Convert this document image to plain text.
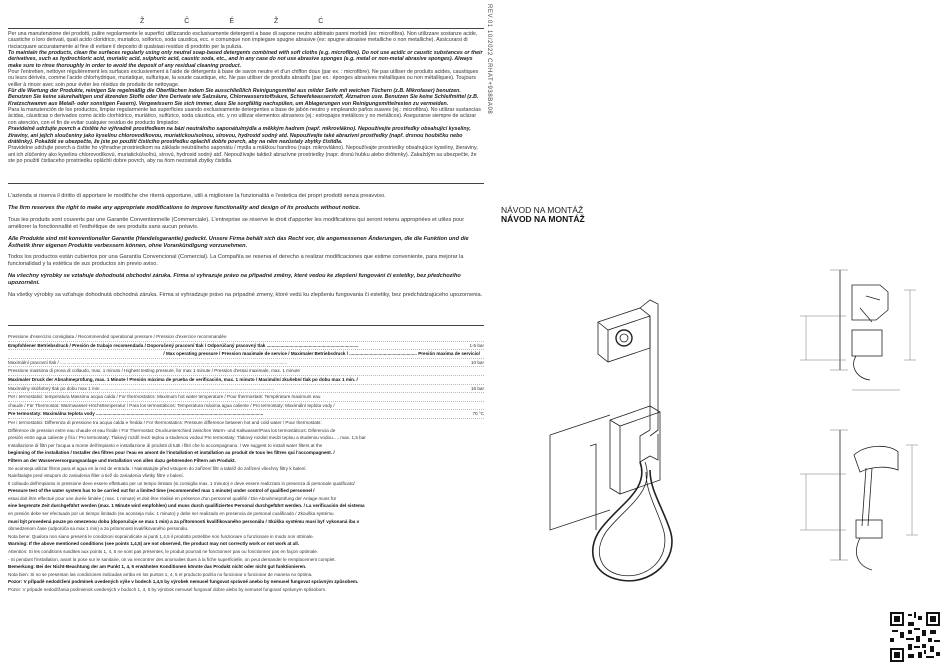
ŽČÉŽĆ

Per una manutenzione dei prodotti, pulire regolarmente le superfici utilizzando esclusivamente detergenti a base di sapone neutro abbinato panni morbidi (es: microfibra). Non utilizzare sostanze acide, caustiche o loro derivati, quali acido cloridrico, muriatico, solforico, soda caustica, ecc. e comunque non impiegare spugne abrasive (es: spugne abrasive metalliche o non metalliche). Assicurarsi di risciacquare accuratamente al fine di evitare il deposito di qualsiasi residuo di prodotto per la pulizia.

To maintain the products, clean the surfaces regularly using only neutral soap-based detergents combined with soft cloths (e.g. microfibre). Do not use acidic or caustic substances or their derivatives, such as hydrochloric acid, muriatic acid, sulphuric acid, caustic soda, etc., and in any case do not use abrasive sponges (e.g. metal or non-metal abrasive sponges). Always make sure to rinse thoroughly in order to avoid the deposit of any residual cleaning product.

Pour l'entretien, nettoyer régulièrement les surfaces exclusivement à l'aide de détergents à base de savon neutre et d'un chiffon doux (par ex. : microfibre). Ne pas utiliser de produits acides, caustiques ou leurs dérivés, comme l'acide chlorhydrique, muriatique, sulfurique, la soude caustique, etc. Ne pas utiliser de produits abrasifs (par ex.: éponges abrasives métalliques ou non métalliques). Toujours veiller à rincer avec soin pour éviter les résidus de produits de nettoyage.

Für die Wartung der Produkte, reinigen Sie regelmäßig die Oberflächen indem Sie ausschließlich Reinigungsmittel aus milder Seife mit weichen Tüchern (z.B. Mikrofaser) benutzen. Benutzen Sie keine säurehaltigen und ätzenden Stoffe oder ihre Derivate wie Salzsäure, Chlorwasserstoffsäure, Schwefelwasserstoff, Ätznatron usw. Benutzen Sie keine Schleifmittel (z.B. Kratzschwamm aus Metall- oder sonstigen Fasern). Vergewissern Sie sich immer, dass Sie sorgfältig nachspülen, um Ablagerungen von Reinigungsmittelresten zu vermeiden.

Para la manutención de los productos, limpiar regularmente las superficies usando exclusivamente detergentes a base de jabón neutro y empleando paños suaves (ej.: microfibra). No utilizar sustancias ácidas, cáusticas o derivados como ácido clorhídrico, muriático, sulfúrico, soda cáustica, etc. y no utilizar elementos abrasivos (ej.: estropajos metálicos y no metálicos). Asegurarse siempre de aclarar con atención, con el fin de evitar cualquier residuo de producto limpiador.

Pravidelně udržujte povrch a čistěte ho výhradně prostředkem na bázi neutrálního saponátu/mýdla a měkkým hadrem (např. mikrovlákno). Nepoužívejte prostředky obsahující kyseliny, žíraviny, ani jejich sloučeniny jako kyselinu chlorovodíkovou, muriatickou/solnou, sírovou, hydroxid sodný atd. Nepoužívejte také abrazivní prostředky (např. drsnou houbičku nebo drátěnky). Pokaždé se ubezpečte, že jste po použití čisticího prostředku oplachli dobře povrch, aby na něm nezůstaly zbytky čistidla.

Pravidelne udržujte povrch a čistite ho výhradne prostriedkom na základe neutrálneho saponátu / mydla a mäkkou handrou (napr. mikrovlákno). Nepoužívajte prostriedky obsahujúce kyseliny, žieraviny, ani ich zlúčeniny ako kyselinu chlorovodíkovú, muriatickú/soľnú, sírovú, hydroxid sodný atď. Nepoužívajte taktiež abrazívne prostriedky (napr. drsnú hubku alebo drôtenky). Zakaždým sa ubezpečte, že ste po použití čistiaceho prostriedku opláchli dobre povrch, aby na ňom nezostali zbytky čistidla.

L'azienda si riserva il diritto di apportare le modifiche che riterrà opportune, utili a migliorare la funzionalità e l'estetica dei propri prodotti senza preavviso.

The firm reserves the right to make any appropriate modifications to improve functionality and design of its products without notice.

Tous les produits sont couverts par une Garantie Conventionnelle (Commerciale). L'entreprise se réserve le droit d'apporter les modifications qui seront retenu appropriées et utiles pour améliorer la fonctionnalité et l'esthétique de ses produits sans aucun préavis.

Alle Produkte sind mit konventioneller Garantie (Handelsgarantie) gedeckt. Unsere Firma behält sich das Recht vor, die angemessenen Änderungen, die die Funktion und die Ästhetik ihrer eigenen Produkte verbessern können, ohne Vorankündigung vorzunehmen.

Todos los productos están cubiertos por una Garantía Convencional (Comercial). La Compañía se reserva el derecho a realizar modificaciones que estime conveniente, para mejorar la funcionalidad y la estética de sus productos sin previo aviso.

Na všechny výrobky se vztahuje dohodnutá obchodní záruka. Firma si vyhrazuje právo na případné změny, které vedou ke zlepšení fungování či estetiky, bez předchozího upozornění.

Na všetky výrobky sa vzťahuje dohodnutá obchodná záruka. Firma si vyhradzuje právo na prípadné zmeny, ktoré vedú ku zlepšeniu fungovania či estetiky, bez predchádzajúceho upozornenia.

Pressione d'esercizio consigliata / Recommended operational pressure / Pression d'exercice recommandée
Empfohlener Betriebsdruck / Presión de trabajo recomendada / Doporučený pracovní tlak / Odporúčaný pracovný tlak ........................................................................	1-5 bar
/ Max operating pressure / Pression maximale de service / Maximaler Betriebsdruck / ..................................................... Presión maxima de servicio/
Maximální pracovní tlak / ..................................................................................................................................................................................	10 bar
Pressione massima di prova di collaudo, max. 1 minuto / Highest testing pressure, for max 1 minute / Pression d'essai maximale, max. 1 minute
Maximaler Druck der Abnahmeprüfung, max. 1 Minute / Presión máxima de prueba de verificación, max. 1 minuto / Maximální zkušební tlak po dobu max 1 min. /
Maximálny skúšobný tlak po dobu max 1 min ........................................................................................................................................	16 bar
Per i termostatici: temperatura Massima acqua calda / For thermostatics: Maximum hot water temperature / Pour thermostats: Température maximum eau
chaude / Für Thermostat: Warmwasser-Höchsttemperatur / Para los termostáticos: Temperatura máxima agua caliente / Pro termostaty: Maximální teplota vody /
Pre termostaty: Maximálna teplota vody ...................................................................................................................................	70 °C
Per i termostatici: Differenza di pressione tra acqua calda e fredda / For thermostatics: Pressure difference between hot and cold water / Pour thermostats:
Différence de pression entre eau chaude et eau froide / Für Thermostat: Druckunterschied zwischen Warm- und Kaltwasser/Para los termostáticos: Diferencia de
presión entre agua caliente y fría / Pro termostaty: Tlakový rozdíl mezi teplou a studenou vodou/ Pre termostaty: Tlakový rozdiel medzi teplou a studenou vodou..... max. 1,5 bar
Installazione di filtri per l'acqua a monte dell'impianto e installazione di prodotti di tutti i filtri che lo accompagnano. / We suggest to install water filters at the
beginning of the installation / Installer des filtres pour l'eau en amont de l'installation et installation au produit de tous les filtres qui l'accompagnent. /
Filtern an der Wasserversorgungsanlage und Installation von allen dazu gehörenden Filtern am Produkt.
Se aconseja utilizar filtros para el agua en la red de entrada. / Nainstalujte před vstupem do zařízení filtr a taktéž do zařízení všechny filtry k balení.
Nainštalujte pred vstupom do zariadenia filter a tiež do zariadenia všetky filtre v balení.
Il collaudo dell'impianto in pressione deve essere effettuato per un tempo limitato (si consiglia max. 1 minuto) e deve essere realizzato in presenza di personale qualificato/
Pressure test of the water system has to be carried out for a limited time (recommended max 1 minute) under control of qualified personnel /
essai doit être effectué pour une durée limitée ( max. 1 minute) et doit être réalisé en présence d'un personnel qualifié / Die Abnahmeprüfung der Anlage muss für
eine begrenzte Zeit durchgeführt werden (max. 1 Minute wird empfohlen) und muss durch qualifiziertes Personal durchgeführt werden. / La verificación del sistema
en presión debe ser efectuado por un tiempo limitado (se aconseja máx. 1 minuto) y debe ser realizado en presencia de personal cualificado / Zkouška systému
musí být provedená pouze po omezenou dobu (doporučuje se max 1 min) a za přítomnosti kvalifikovaného personálu / Skúška systému musí byť vykonaná iba v
obmedzenom čase (odporúča sa max 1 min) a za prítomnosti kvalifikovaného personálu.
Nota bene: Qualora non siano presenti le condizioni sopraindicate ai punti 1,4,5 il prodotto potrebbe non funzionare o funzionare in modo non ottimale.
Warning: If the above mentioned conditions (see points 1,4,5) are not observed, the product may not correctly work or not work at all.
Attention: Si les conditions susdites aux points 1, 4, 5 ne sont pas présentes, le produit pourrait ne fonctionner pas ou fonctionner pas en façon optimale.
- Si pendant l'installation, avant la pose sur le sanitaire, on va rencontrer des anomalies dues à la fiche superficielle, on peut demander le remplacement complet.
Bemerkung: Bei der Nicht-Beachtung der am Punkt 1, 4, 5 erwähnten Konditionen könnte das Produkt nicht oder nicht gut funktionieren.
Nota bien: Si no se presentan las condiciones indicadas arriba en los puntos 1, 4, 5 el producto podría no funcionar o funcionar de manera no óptima.
Pozor: V případě nedodržení podmínek uvedených výše v bodech 1,4,5 by výrobek nemusel fungovat správně anebo by nemusel fungovat správným způsobem.
Pozor: V prípade nedodržania podmienok uvedených v bodoch 1, 4, 5 by výrobok nemusel fungovať dobre alebo by nemusel fungovať správnym spôsobom.
REV.01 10/2022 CRHAT+938BA08
NÁVOD NA MONTÁŽ
NÁVOD NA MONTÁŽ
